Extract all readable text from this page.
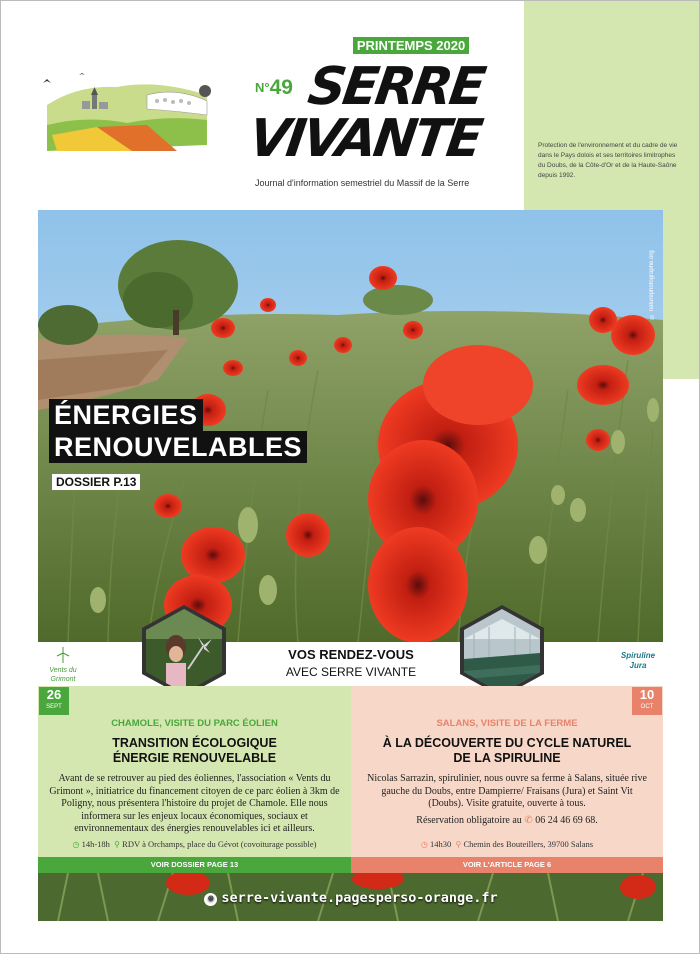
PRINTEMPS 2020
$^{N^\circ}$49 SERRE
VIVANTE
Journal d'information semestriel du Massif de la Serre
Protection de l'environnement et du cadre de vie dans le Pays dolois et ses territoires limitrophes du Doubs, de la Côte-d'Or et de la Haute-Saône depuis 1992.
© naturephotographe.org
ÉNERGIES
RENOUVELABLES
DOSSIER P.13
VOS RENDEZ-VOUS
AVEC SERRE VIVANTE
Vents du Grimont
Spiruline
Jura
26
SEPT
10
OCT
CHAMOLE, VISITE DU PARC ÉOLIEN	SALANS, VISITE DE LA FERME
TRANSITION ÉCOLOGIQUE
ÉNERGIE RENOUVELABLE
À LA DÉCOUVERTE DU CYCLE NATUREL
DE LA SPIRULINE
Avant de se retrouver au pied des éoliennes, l'association « Vents du Grimont », initiatrice du financement citoyen de ce parc éolien à 3km de Poligny, nous présentera l'histoire du projet de Chamole. Elle nous informera sur les enjeux locaux économiques, sociaux et environnementaux des énergies renouvelables ici et ailleurs.
Nicolas Sarrazin, spirulinier, nous ouvre sa ferme à Salans, située rive gauche du Doubs, entre Dampierre/ Fraisans (Jura) et Saint Vit (Doubs). Visite gratuite, ouverte à tous.
Réservation obligatoire au ✆ 06 24 46 69 68.
◷ 14h-18h ⚲ RDV à Orchamps, place du Gévot (covoiturage possible)	◷ 14h30 ⚲ Chemin des Bouteillers, 39700 Salans
VOIR DOSSIER PAGE 13	VOIR L'ARTICLE PAGE 6
⊕ serre-vivante.pagesperso-orange.fr
